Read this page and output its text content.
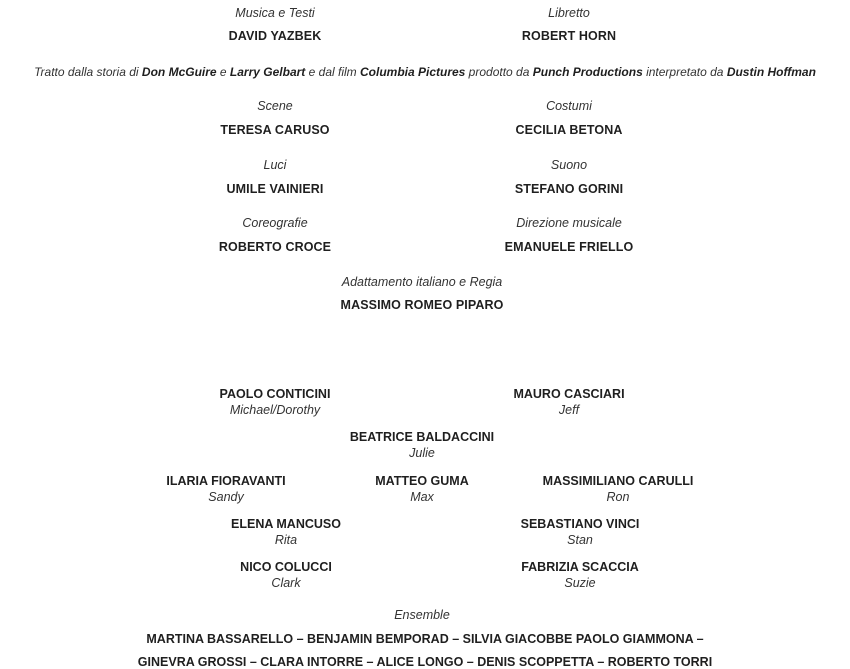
Musica e Testi
DAVID YAZBEK
Libretto
ROBERT HORN
Tratto dalla storia di Don McGuire e Larry Gelbart e dal film Columbia Pictures prodotto da Punch Productions interpretato da Dustin Hoffman
Scene
TERESA CARUSO
Costumi
CECILIA BETONA
Luci
UMILE VAINIERI
Suono
STEFANO GORINI
Coreografie
ROBERTO CROCE
Direzione musicale
EMANUELE FRIELLO
Adattamento italiano e Regia
MASSIMO ROMEO PIPARO
PAOLO CONTICINI
Michael/Dorothy
MAURO CASCIARI
Jeff
BEATRICE BALDACCINI
Julie
ILARIA FIORAVANTI
Sandy
MATTEO GUMA
Max
MASSIMILIANO CARULLI
Ron
ELENA MANCUSO
Rita
SEBASTIANO VINCI
Stan
NICO COLUCCI
Clark
FABRIZIA SCACCIA
Suzie
Ensemble
MARTINA BASSARELLO – BENJAMIN BEMPORAD – SILVIA GIACOBBE PAOLO GIAMMONA –
GINEVRA GROSSI – CLARA INTORRE – ALICE LONGO – DENIS SCOPPETTA – ROBERTO TORRI
